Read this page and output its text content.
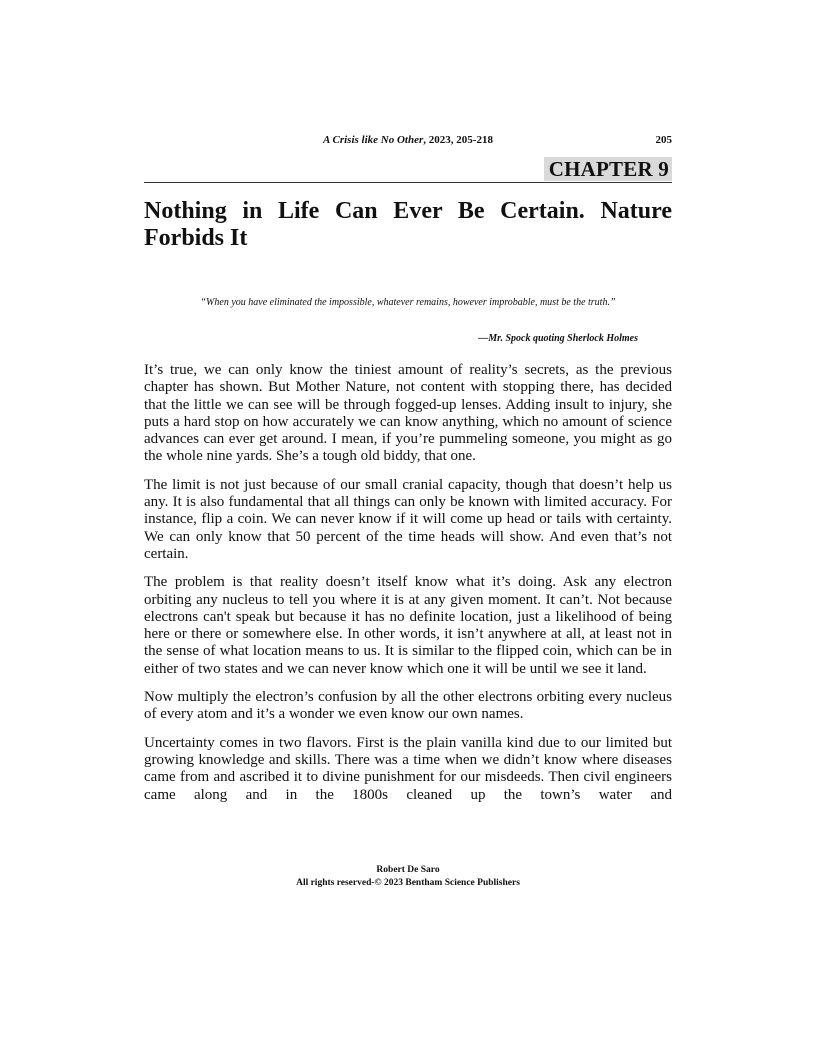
A Crisis like No Other, 2023, 205-218	205
CHAPTER 9
Nothing in Life Can Ever Be Certain. Nature Forbids It

“When you have eliminated the impossible, whatever remains, however improbable, must be the truth.”

—Mr. Spock quoting Sherlock Holmes

It’s true, we can only know the tiniest amount of reality’s secrets, as the previous chapter has shown. But Mother Nature, not content with stopping there, has decided that the little we can see will be through fogged-up lenses. Adding insult to injury, she puts a hard stop on how accurately we can know anything, which no amount of science advances can ever get around. I mean, if you’re pummeling someone, you might as go the whole nine yards. She’s a tough old biddy, that one.

The limit is not just because of our small cranial capacity, though that doesn’t help us any. It is also fundamental that all things can only be known with limited accuracy. For instance, flip a coin. We can never know if it will come up head or tails with certainty. We can only know that 50 percent of the time heads will show. And even that’s not certain.

The problem is that reality doesn’t itself know what it’s doing. Ask any electron orbiting any nucleus to tell you where it is at any given moment. It can’t. Not because electrons can't speak but because it has no definite location, just a likelihood of being here or there or somewhere else. In other words, it isn’t anywhere at all, at least not in the sense of what location means to us. It is similar to the flipped coin, which can be in either of two states and we can never know which one it will be until we see it land.

Now multiply the electron’s confusion by all the other electrons orbiting every nucleus of every atom and it’s a wonder we even know our own names.

Uncertainty comes in two flavors. First is the plain vanilla kind due to our limited but growing knowledge and skills. There was a time when we didn’t know where diseases came from and ascribed it to divine punishment for our misdeeds. Then civil engineers came along and in the 1800s cleaned up the town’s water and

Robert De Saro
All rights reserved-© 2023 Bentham Science Publishers
